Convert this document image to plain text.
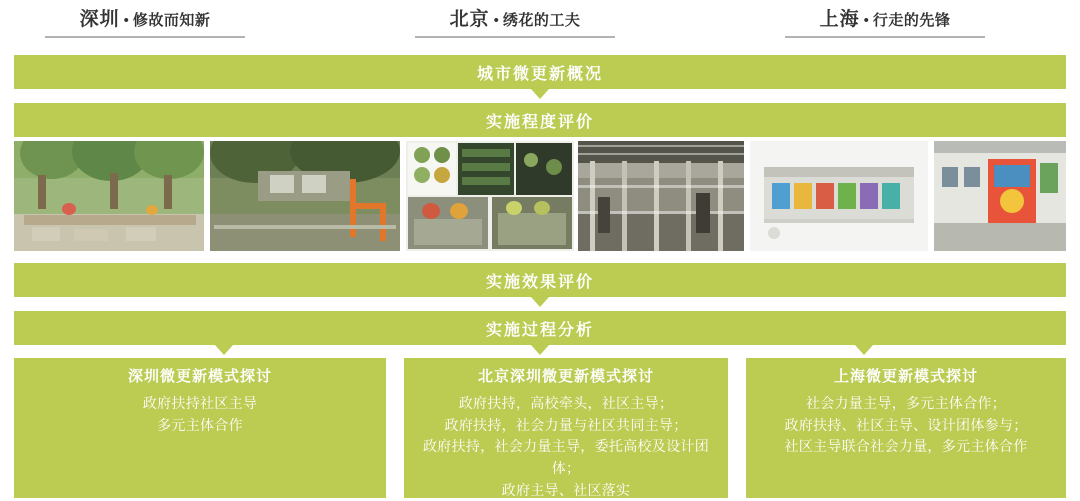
深圳 • 修故而知新	北京 • 绣花的工夫	上海 • 行走的先锋
城市微更新概况
实施程度评价
实施效果评价
实施过程分析
深圳微更新模式探讨
政府扶持社区主导
多元主体合作
北京深圳微更新模式探讨
政府扶持，高校牵头，社区主导；
政府扶持，社会力量与社区共同主导；
政府扶持，社会力量主导，委托高校及设计团体；
政府主导、社区落实
上海微更新模式探讨
社会力量主导，多元主体合作；
政府扶持、社区主导、设计团体参与；
社区主导联合社会力量，多元主体合作
